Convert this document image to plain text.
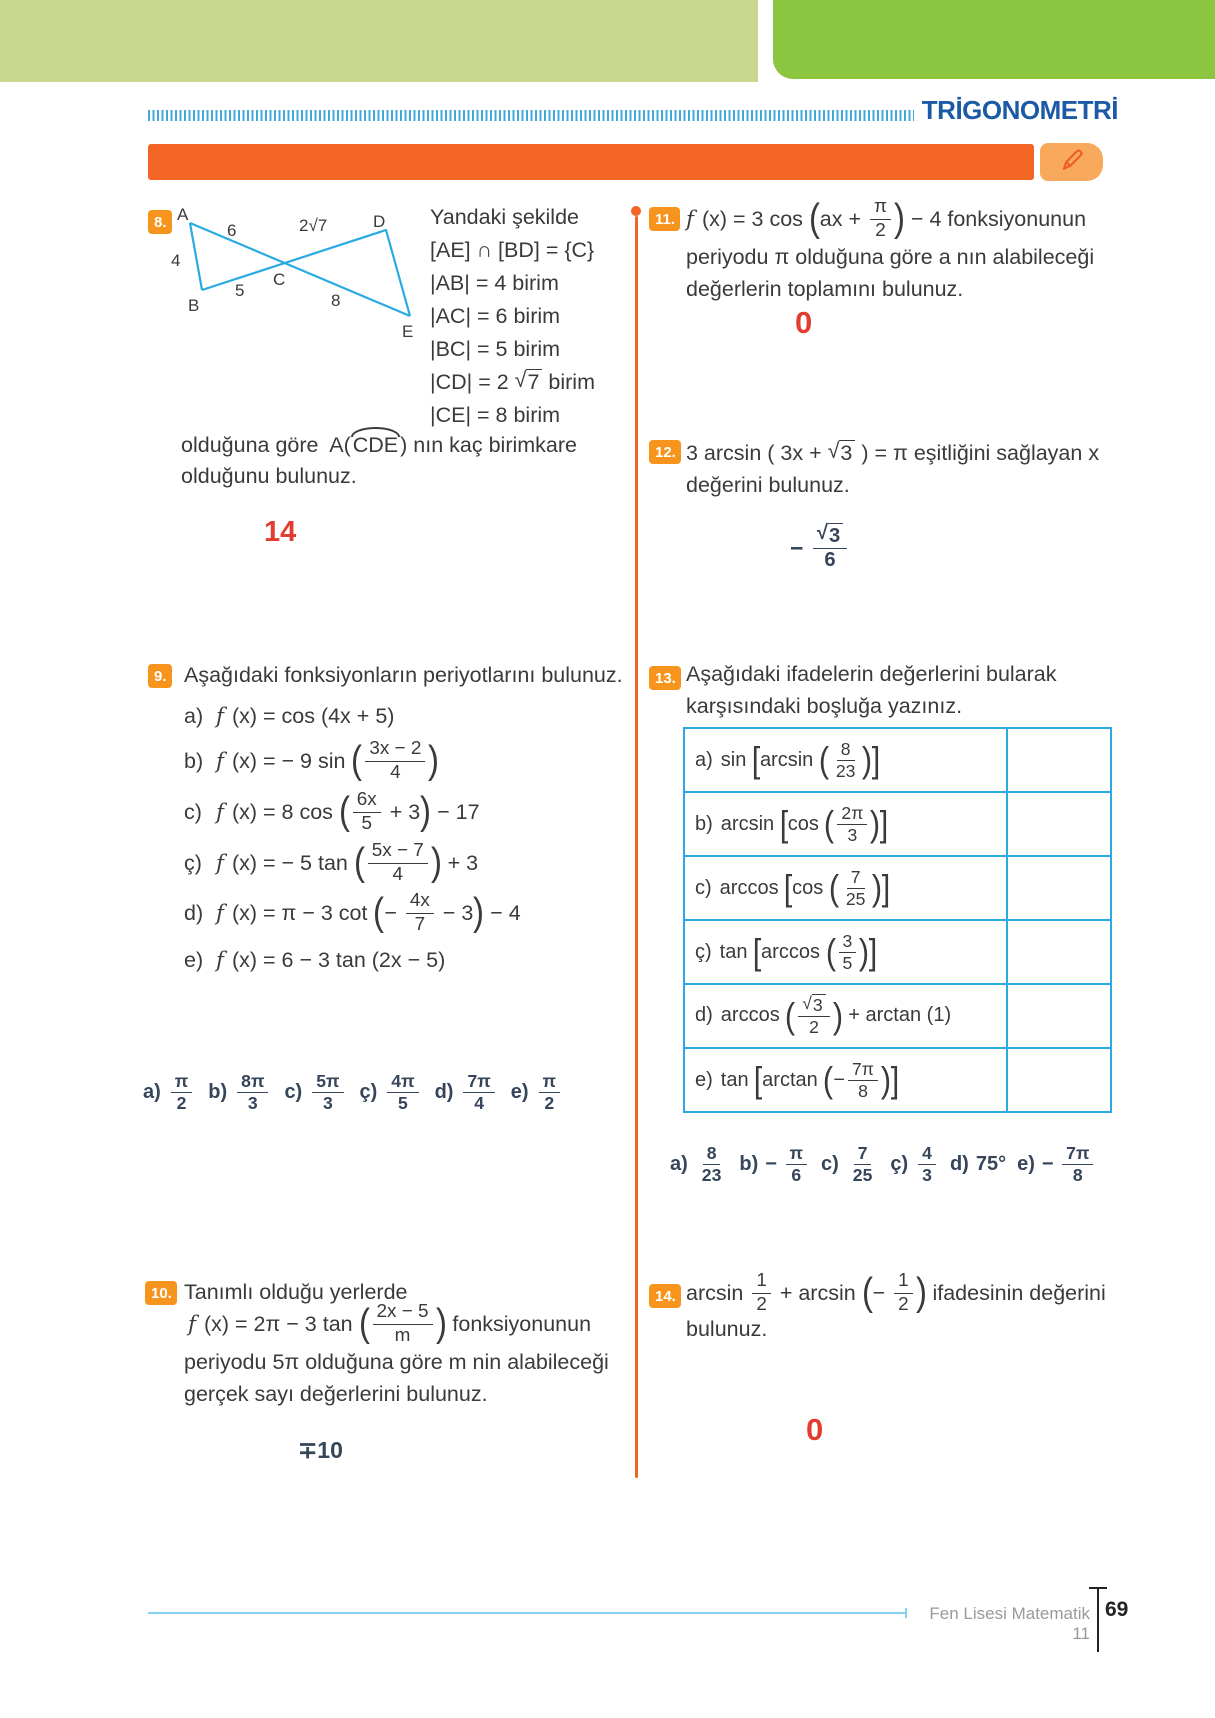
TRİGONOMETRİ
8. A
4
B
5
6
C
2√7	D
8
E
Yandaki şekilde
[AE] ∩ [BD] = {C}
|AB| = 4 birim
|AC| = 6 birim
|BC| = 5 birim
|CD| = 2 √ 7 birim
|CE| = 8 birim
olduğuna göre  A( CDE ) nın kaç birimkare
olduğunu bulunuz.
14
9. Aşağıdaki fonksiyonların periyotlarını bulunuz.
a) f (x) = cos (4x + 5)
b) f (x) = − 9 sin ( 3x − 2
4 )
c) f (x) = 8 cos ( 6x
5 + 3 ) − 17
ç) f (x) = − 5 tan ( 5x − 7
4 ) + 3
d) f (x) = π − 3 cot ( − $\frac{4x}{7} - 3$ ) − 4
e) f (x) = 6 − 3 tan (2x − 5)
a) π
2 b) 8π
3 c) 5π
3 ç) 4π
5 d) 7π
4 e) π
2
10. Tanımlı olduğu yerlerde
f (x) = 2π − 3 tan ( 2x − 5
m ) fonksiyonunun
periyodu 5π olduğuna göre m nin alabileceği
gerçek sayı değerlerini bulunuz.
∓10
11. f (x) = 3 cos ( ax + $\frac{\pi}{2}$ ) − 4 fonksiyonunun
periyodu π olduğuna göre a nın alabileceği
değerlerin toplamını bulunuz.
0
12. 3 arcsin ( 3x + √ 3 ) = π eşitliğini sağlayan x
değerini bulunuz.
− $\frac{√ 3}{6}$
13. Aşağıdaki ifadelerin değerlerini bularak
karşısındaki boşluğa yazınız.
a) sin [ arcsin ( 8
23 ) ]

b) arcsin [ cos ( 2π
3 ) ]

c) arccos [ cos ( 7
25 ) ]

ç) tan [ arccos ( 3
5 ) ]

d) arccos ( √ 3
2 ) + arctan (1)

e) tan [ arctan ( − $\frac{7\pi}{8}$ ) ]

a) 8
23 $b) - \frac{\pi}{6} c$) 7
25 ç) 4
3 d) 75° $e) - \frac{7\pi}{8}$
14. arcsin 1
2 + arcsin ( − $\frac{1}{2}$ ) ifadesinin değerini
bulunuz.
0
Fen Lisesi Matematik 11
69
